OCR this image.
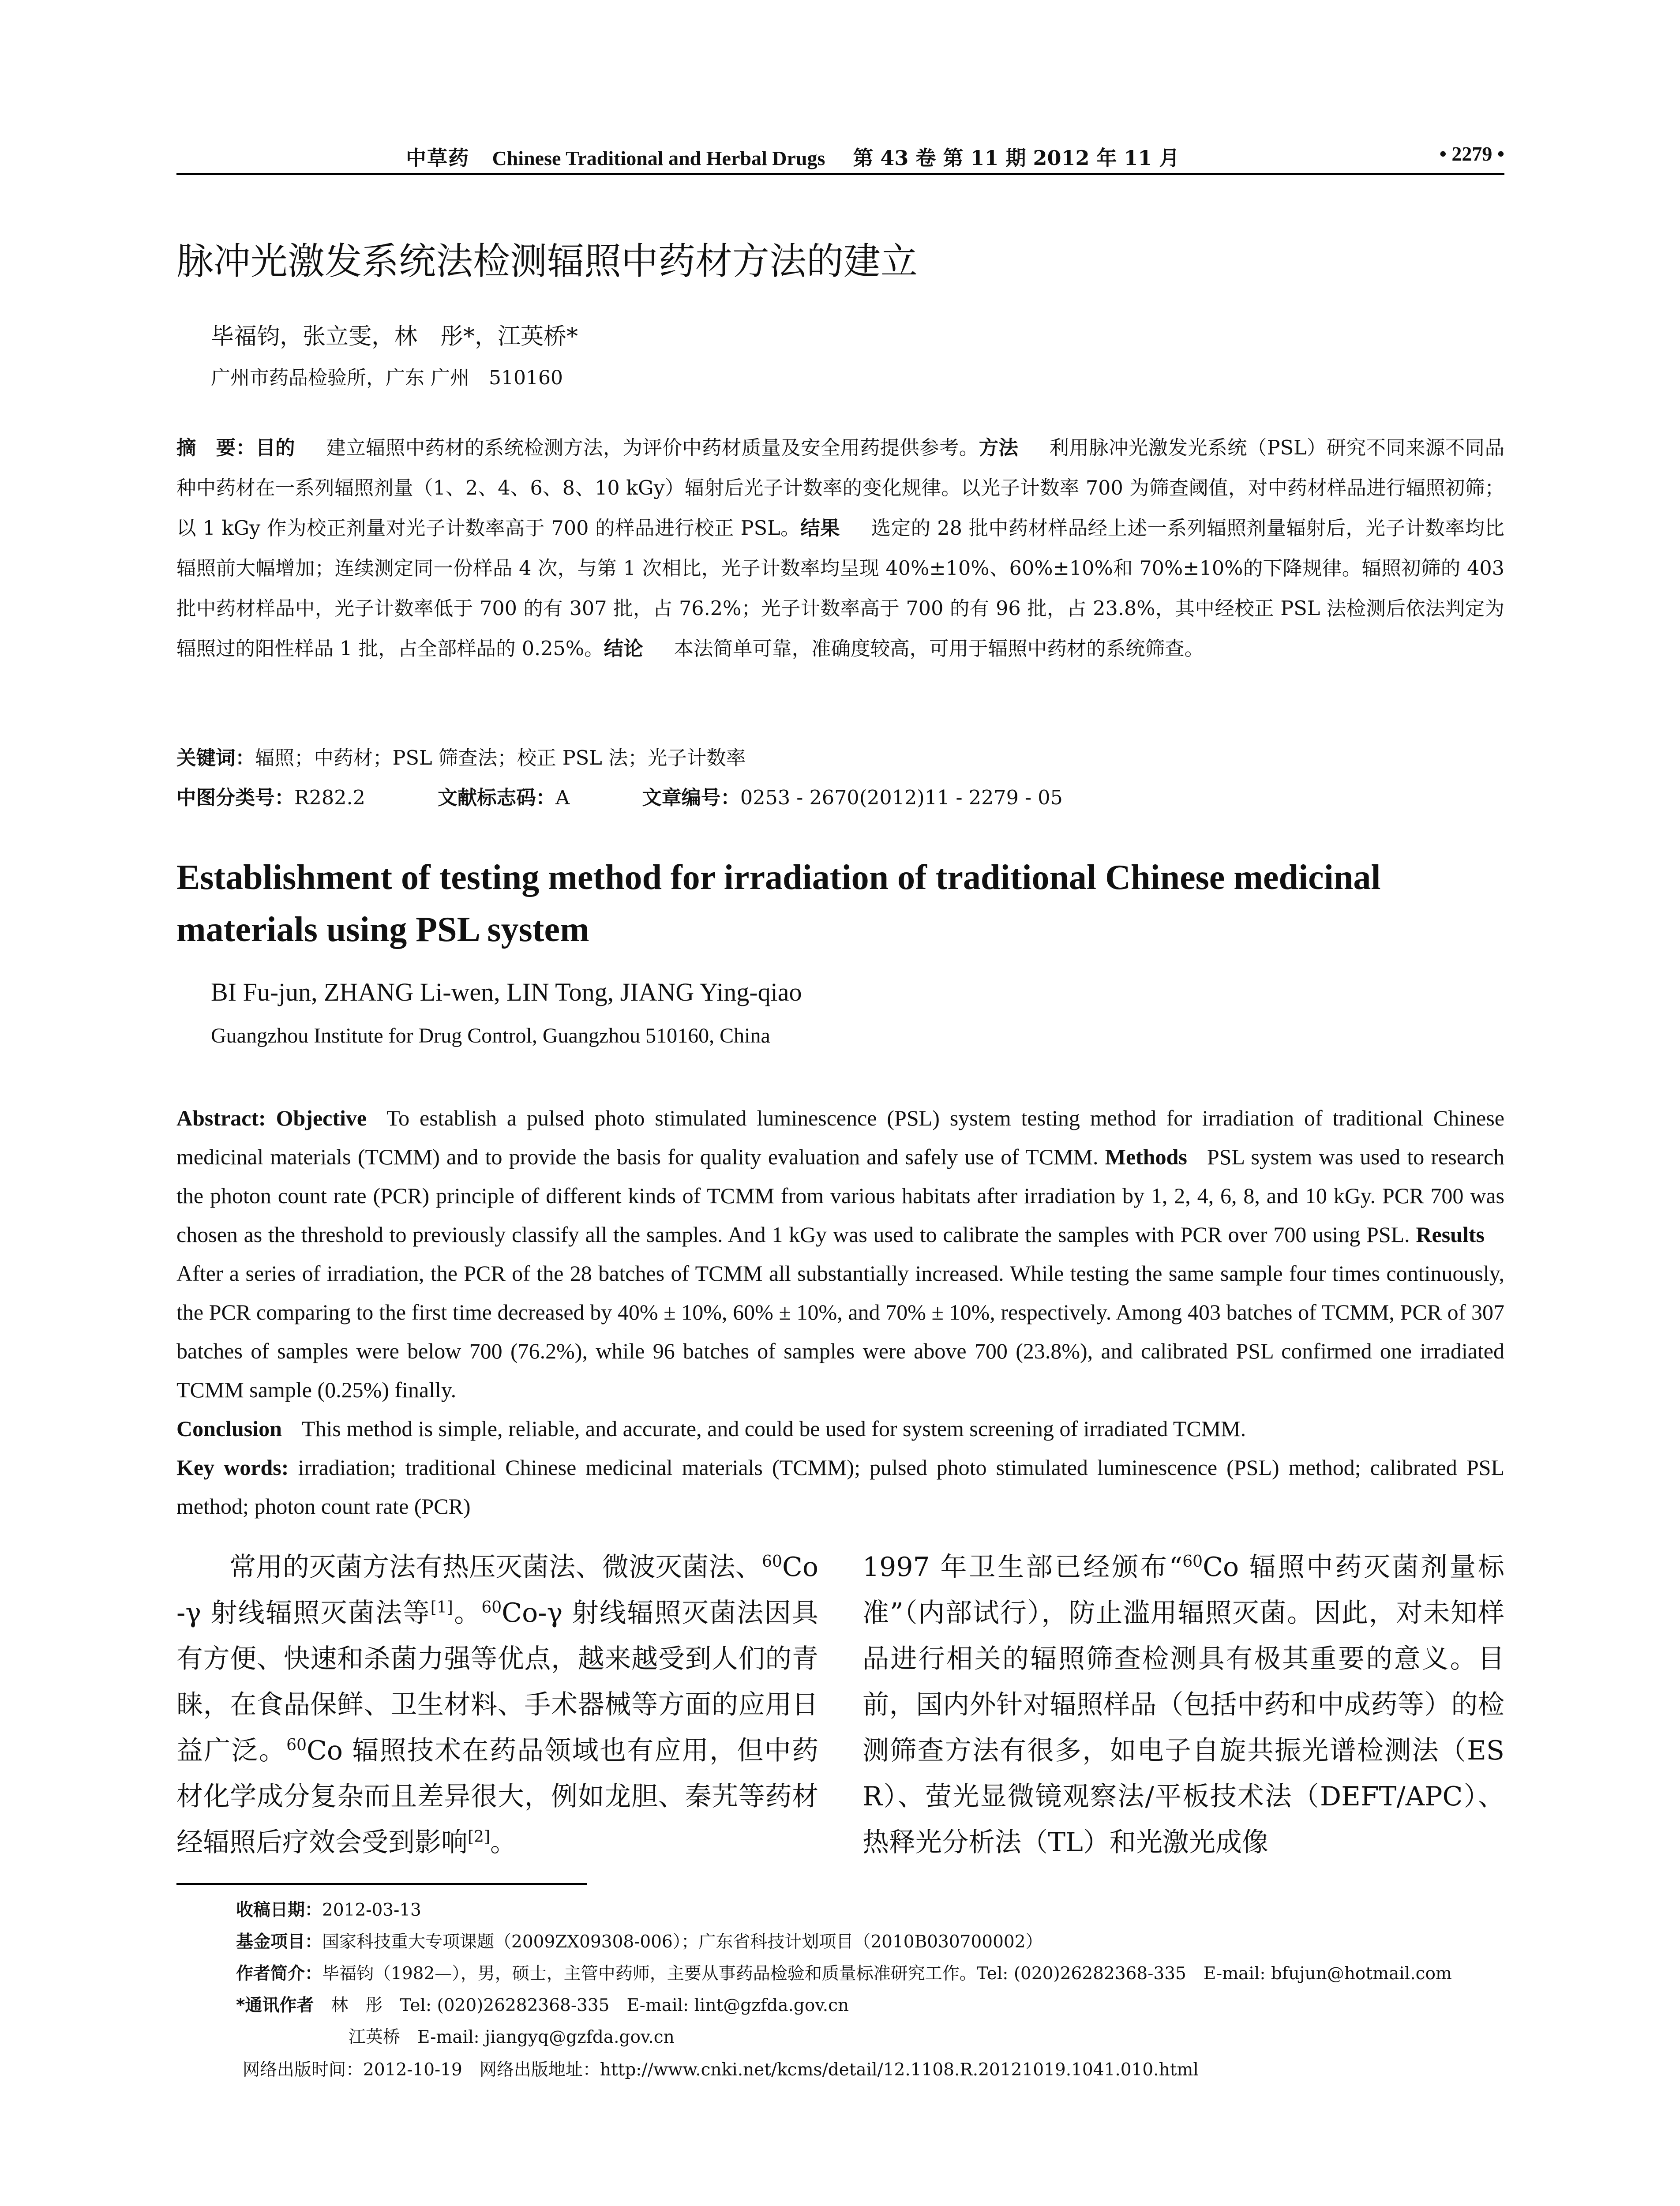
中草药 Chinese Traditional and Herbal Drugs 第 43 卷 第 11 期 2012 年 11 月	• 2279 •
脉冲光激发系统法检测辐照中药材方法的建立
毕福钧，张立雯，林　彤*，江英桥*
广州市药品检验所，广东 广州　510160
摘　要：目的 建立辐照中药材的系统检测方法，为评价中药材质量及安全用药提供参考。方法 利用脉冲光激发光系统（PSL）研究不同来源不同品种中药材在一系列辐照剂量（1、2、4、6、8、10 kGy）辐射后光子计数率的变化规律。以光子计数率 700 为筛查阈值，对中药材样品进行辐照初筛；以 1 kGy 作为校正剂量对光子计数率高于 700 的样品进行校正 PSL。结果 选定的 28 批中药材样品经上述一系列辐照剂量辐射后，光子计数率均比辐照前大幅增加；连续测定同一份样品 4 次，与第 1 次相比，光子计数率均呈现 40%±10%、60%±10%和 70%±10%的下降规律。辐照初筛的 403 批中药材样品中，光子计数率低于 700 的有 307 批，占 76.2%；光子计数率高于 700 的有 96 批，占 23.8%，其中经校正 PSL 法检测后依法判定为辐照过的阳性样品 1 批，占全部样品的 0.25%。结论 本法简单可靠，准确度较高，可用于辐照中药材的系统筛查。
关键词：辐照；中药材；PSL 筛查法；校正 PSL 法；光子计数率
中图分类号：R282.2	文献标志码：A	文章编号：0253 - 2670(2012)11 - 2279 - 05
Establishment of testing method for irradiation of traditional Chinese medicinal materials using PSL system
BI Fu-jun, ZHANG Li-wen, LIN Tong, JIANG Ying-qiao
Guangzhou Institute for Drug Control, Guangzhou 510160, China
Abstract: Objective To establish a pulsed photo stimulated luminescence (PSL) system testing method for irradiation of traditional Chinese medicinal materials (TCMM) and to provide the basis for quality evaluation and safely use of TCMM. Methods PSL system was used to research the photon count rate (PCR) principle of different kinds of TCMM from various habitats after irradiation by 1, 2, 4, 6, 8, and 10 kGy. PCR 700 was chosen as the threshold to previously classify all the samples. And 1 kGy was used to calibrate the samples with PCR over 700 using PSL. ResultsAfter a series of irradiation, the PCR of the 28 batches of TCMM all substantially increased. While testing the same sample four times continuously, the PCR comparing to the first time decreased by 40% ± 10%, 60% ± 10%, and 70% ± 10%, respectively. Among 403 batches of TCMM, PCR of 307 batches of samples were below 700 (76.2%), while 96 batches of samples were above 700 (23.8%), and calibrated PSL confirmed one irradiated TCMM sample (0.25%) finally.
Conclusion This method is simple, reliable, and accurate, and could be used for system screening of irradiated TCMM.
Key words: irradiation; traditional Chinese medicinal materials (TCMM); pulsed photo stimulated luminescence (PSL) method; calibrated PSL method; photon count rate (PCR)
常用的灭菌方法有热压灭菌法、微波灭菌法、$^{60}$Co-γ 射线辐照灭菌法等[1]。$^{60}$Co-γ 射线辐照灭菌法因具有方便、快速和杀菌力强等优点，越来越受到人们的青睐，在食品保鲜、卫生材料、手术器械等方面的应用日益广泛。$^{60}$Co 辐照技术在药品领域也有应用，但中药材化学成分复杂而且差异很大，例如龙胆、秦艽等药材经辐照后疗效会受到影响[2]。
1997 年卫生部已经颁布“$^{60}$Co 辐照中药灭菌剂量标准”（内部试行），防止滥用辐照灭菌。因此，对未知样品进行相关的辐照筛查检测具有极其重要的意义。目前，国内外针对辐照样品（包括中药和中成药等）的检测筛查方法有很多，如电子自旋共振光谱检测法（ESR）、萤光显微镜观察法/平板技术法（DEFT/APC）、热释光分析法（TL）和光激光成像
收稿日期：2012-03-13
基金项目：国家科技重大专项课题（2009ZX09308-006）；广东省科技计划项目（2010B030700002）
作者简介：毕福钧（1982—），男，硕士，主管中药师，主要从事药品检验和质量标准研究工作。Tel: (020)26282368-335　E-mail: bfujun@hotmail.com
*通讯作者　 林　彤　Tel: (020)26282368-335　E-mail: lint@gzfda.gov.cn
江英桥　E-mail: jiangyq@gzfda.gov.cn
网络出版时间：2012-10-19　网络出版地址：http://www.cnki.net/kcms/detail/12.1108.R.20121019.1041.010.html
